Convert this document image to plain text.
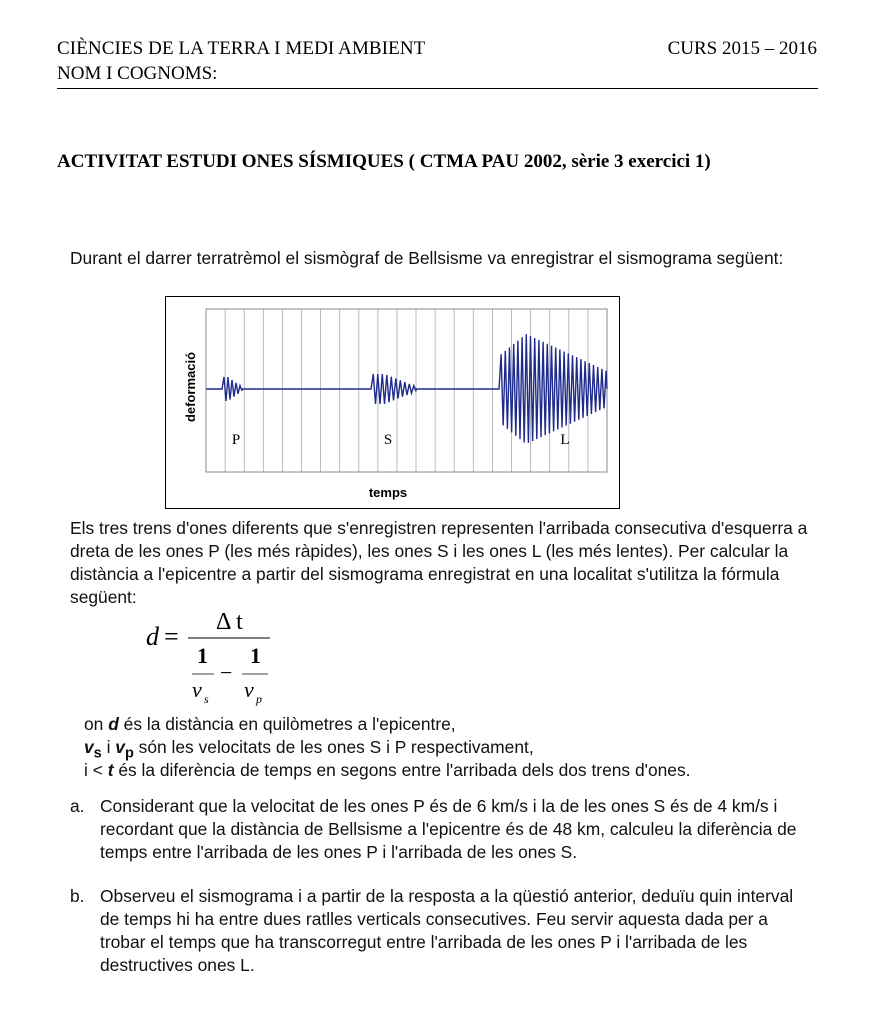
CIÈNCIES DE LA TERRA I MEDI AMBIENT
NOM I COGNOMS:
CURS 2015 – 2016
ACTIVITAT ESTUDI ONES SÍSMIQUES ( CTMA PAU 2002, sèrie 3 exercici 1)
Durant el darrer terratrèmol el sismògraf de Bellsisme va enregistrar el sismograma següent:
deformació
temps
P	S	L
Els tres trens d'ones diferents que s'enregistren representen l'arribada consecutiva d'esquerra a dreta de les ones P (les més ràpides), les ones S i les ones L (les més lentes). Per calcular la distància a l'epicentre a partir del sismograma enregistrat en una localitat s'utilitza la fórmula següent:
d = Δ t
1
v s
−
1
v p
on d és la distància en quilòmetres a l'epicentre,
$v_s$ i $v_p$ són les velocitats de les ones S i P respectivament,
i < t és la diferència de temps en segons entre l'arribada dels dos trens d'ones.
a. Considerant que la velocitat de les ones P és de 6 km/s i la de les ones S és de 4 km/s i recordant que la distància de Bellsisme a l'epicentre és de 48 km, calculeu la diferència de temps entre l'arribada de les ones P i l'arribada de les ones S.
b. Observeu el sismograma i a partir de la resposta a la qüestió anterior, deduïu quin interval de temps hi ha entre dues ratlles verticals consecutives. Feu servir aquesta dada per a trobar el temps que ha transcorregut entre l'arribada de les ones P i l'arribada de les destructives ones L.
